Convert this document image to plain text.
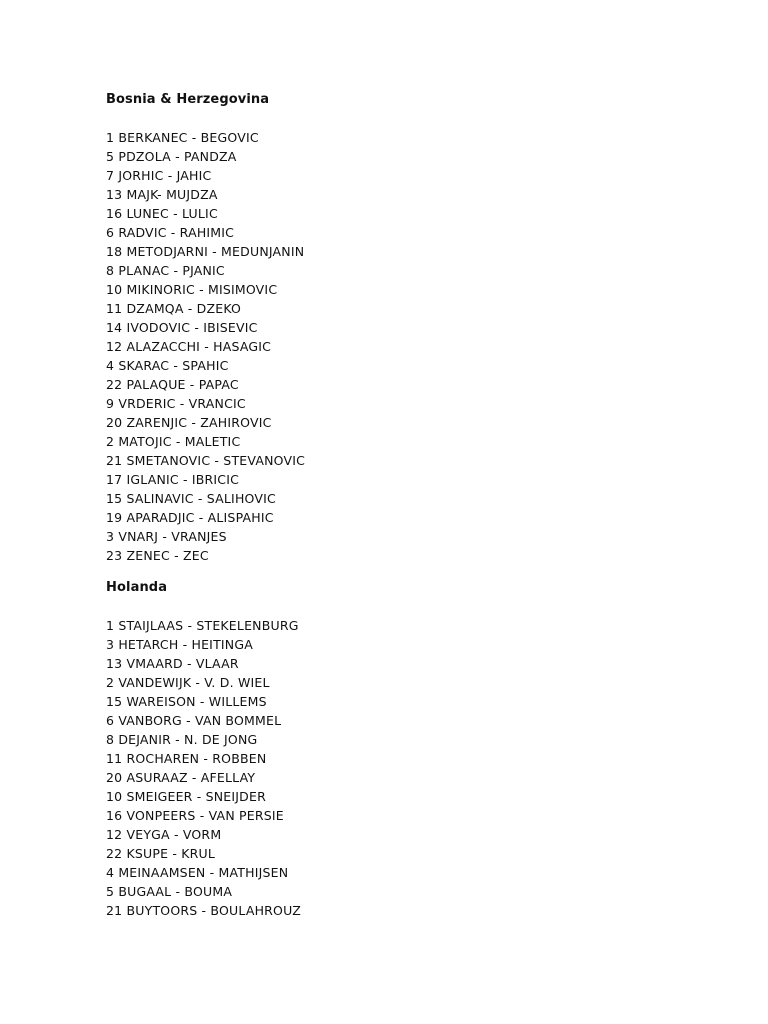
Bosnia & Herzegovina
1 BERKANEC - BEGOVIC
5 PDZOLA - PANDZA
7 JORHIC - JAHIC
13 MAJK- MUJDZA
16 LUNEC - LULIC
6 RADVIC - RAHIMIC
18 METODJARNI - MEDUNJANIN
8 PLANAC - PJANIC
10 MIKINORIC - MISIMOVIC
11 DZAMQA - DZEKO
14 IVODOVIC - IBISEVIC
12 ALAZACCHI - HASAGIC
4 SKARAC - SPAHIC
22 PALAQUE - PAPAC
9 VRDERIC - VRANCIC
20 ZARENJIC - ZAHIROVIC
2 MATOJIC - MALETIC
21 SMETANOVIC - STEVANOVIC
17 IGLANIC - IBRICIC
15 SALINAVIC - SALIHOVIC
19 APARADJIC - ALISPAHIC
3 VNARJ - VRANJES
23 ZENEC - ZEC
Holanda
1 STAIJLAAS - STEKELENBURG
3 HETARCH - HEITINGA
13 VMAARD - VLAAR
2 VANDEWIJK - V. D. WIEL
15 WAREISON - WILLEMS
6 VANBORG - VAN BOMMEL
8 DEJANIR - N. DE JONG
11 ROCHAREN - ROBBEN
20 ASURAAZ - AFELLAY
10 SMEIGEER - SNEIJDER
16 VONPEERS - VAN PERSIE
12 VEYGA - VORM
22 KSUPE - KRUL
4 MEINAAMSEN - MATHIJSEN
5 BUGAAL - BOUMA
21 BUYTOORS - BOULAHROUZ
